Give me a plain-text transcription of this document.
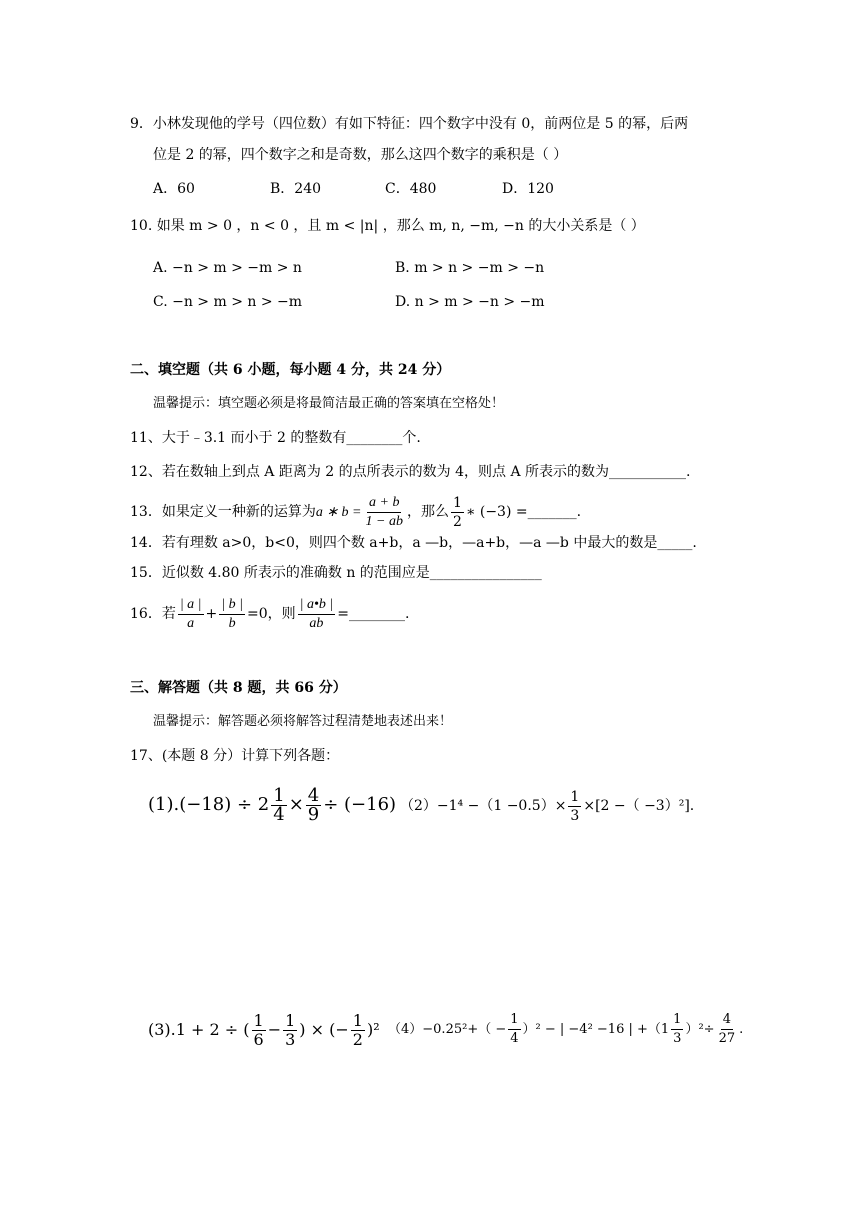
9．小林发现他的学号（四位数）有如下特征：四个数字中没有 0，前两位是 5 的幂，后两
位是 2 的幂，四个数字之和是奇数，那么这四个数字的乘积是（ ）
A．60	B．240	C．480	D．120
10. 如果 m > 0 ，n < 0 ，且 m < |n| ，那么 m, n, −m, −n 的大小关系是（ ）
A. −n > m > −m > n	B. m > n > −m > −n
C. −n > m > n > −m	D. n > m > −n > −m
二、填空题（共 6 小题，每小题 4 分，共 24 分）
温馨提示：填空题必须是将最简洁最正确的答案填在空格处！
11、大于﹣3.1 而小于 2 的整数有________个.
12、若在数轴上到点 A 距离为 2 的点所表示的数为 4，则点 A 所表示的数为___________.
13．如果定义一种新的运算为a ∗ $b = \frac{a + b}{1 - ab}$ ，那么 $\frac{1}{2}$ ∗ (−3) =_______.
14．若有理数 a>0，b<0，则四个数 a+b，a —b，—a+b，—a —b 中最大的数是_____.
15．近似数 4.80 所表示的准确数 n 的范围应是________________
16．若 $\frac{| a |}{a} + \frac{| b |}{b} =0$，则 $\frac{| a•b |}{ab}$ =________.
三、解答题（共 8 题，共 66 分）
温馨提示：解答题必须将解答过程清楚地表述出来！
17、(本题 8 分）计算下列各题：
$(1).(-18) \div 2 \frac{1}{4} \times \frac{4}{9} \div (-16)$ $(2)-1^4 -(1 -0.5)\times \frac{1}{3} \times[2$ −（ −3）²].
(3).1 + 2 ÷ ( $\frac{1}{6} - \frac{1}{3}$ ) × (− $\frac{1}{2} )^2$ $(4)-0.25^2+( - \frac{1}{4} )^2$ − | −4² −16 | $+(1 \frac{1}{3} )^2\div \frac{4}{27}$ .
